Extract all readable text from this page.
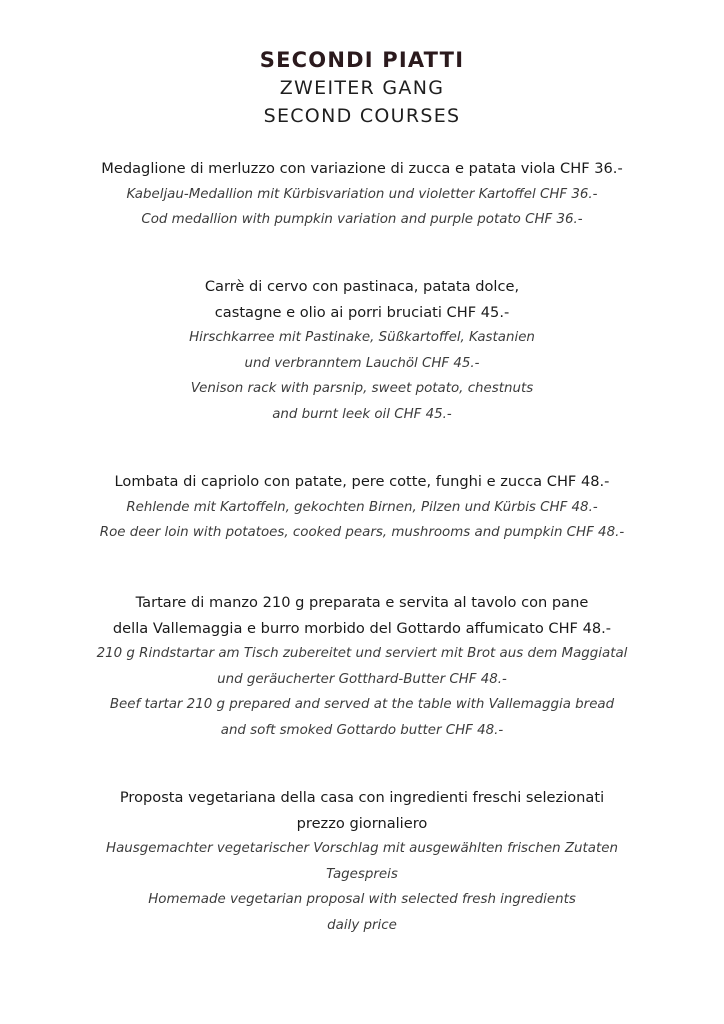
SECONDI PIATTI
ZWEITER GANG
SECOND COURSES
Medaglione di merluzzo con variazione di zucca e patata viola CHF 36.-
Kabeljau-Medallion mit Kürbisvariation und violetter Kartoffel CHF 36.-
Cod medallion with pumpkin variation and purple potato CHF 36.-
Carrè di cervo con pastinaca, patata dolce,
castagne e olio ai porri bruciati CHF 45.-
Hirschkarree mit Pastinake, Süßkartoffel, Kastanien
und verbranntem Lauchöl CHF 45.-
Venison rack with parsnip, sweet potato, chestnuts
and burnt leek oil CHF 45.-
Lombata di capriolo con patate, pere cotte, funghi e zucca CHF 48.-
Rehlende mit Kartoffeln, gekochten Birnen, Pilzen und Kürbis CHF 48.-
Roe deer loin with potatoes, cooked pears, mushrooms and pumpkin CHF 48.-
Tartare di manzo 210 g preparata e servita al tavolo con pane
della Vallemaggia e burro morbido del Gottardo affumicato CHF 48.-
210 g Rindstartar am Tisch zubereitet und serviert mit Brot aus dem Maggiatal
und geräucherter Gotthard-Butter CHF 48.-
Beef tartar 210 g prepared and served at the table with Vallemaggia bread
and soft smoked Gottardo butter CHF 48.-
Proposta vegetariana della casa con ingredienti freschi selezionati
prezzo giornaliero
Hausgemachter vegetarischer Vorschlag mit ausgewählten frischen Zutaten
Tagespreis
Homemade vegetarian proposal with selected fresh ingredients
daily price
